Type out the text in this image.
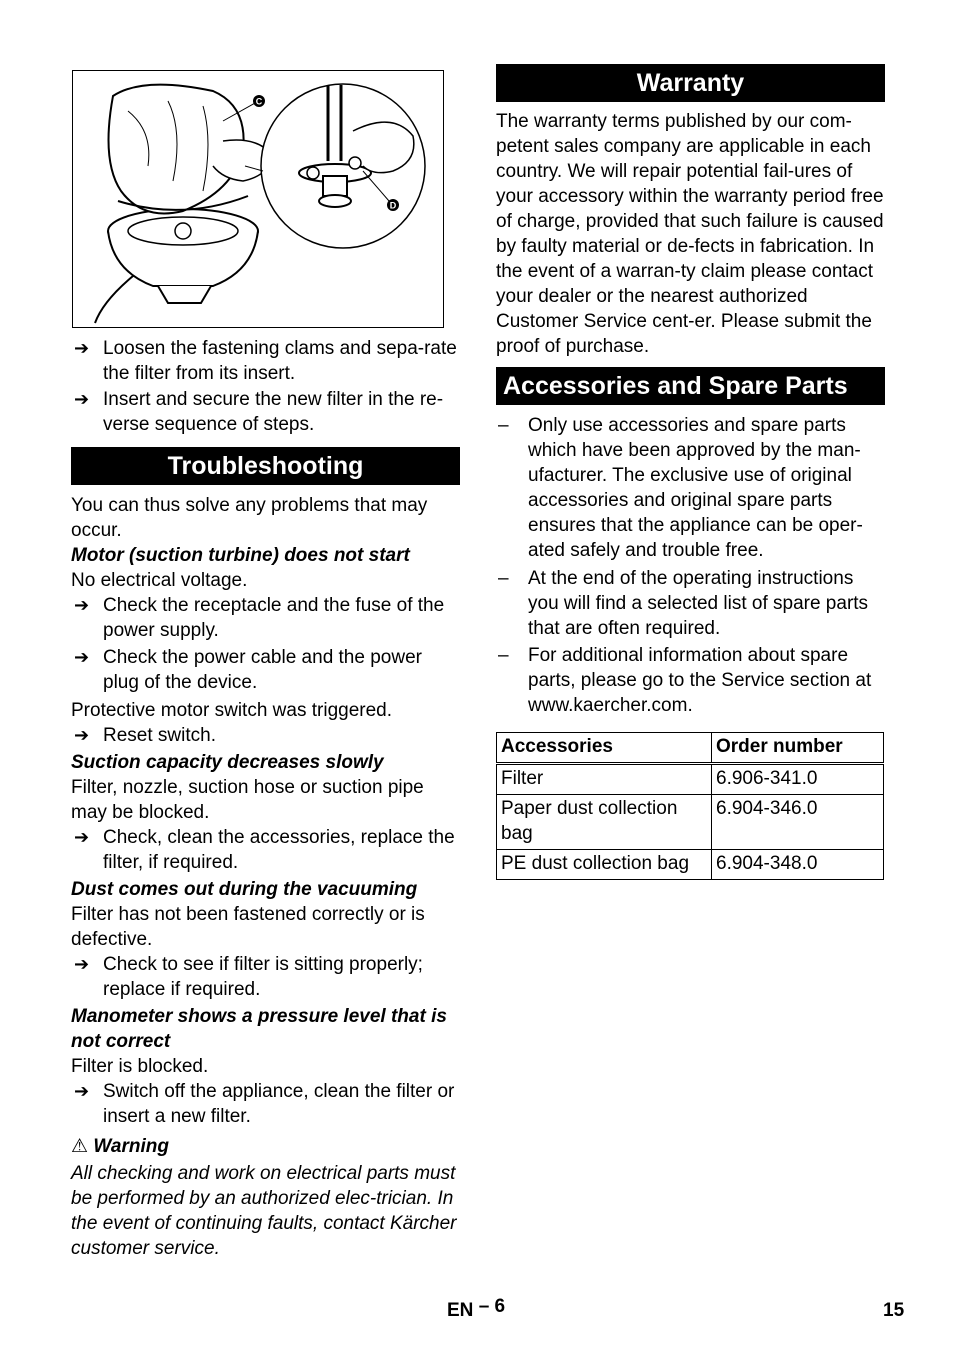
C
D
➔ Loosen the fastening clams and sepa-rate the filter from its insert.
➔ Insert and secure the new filter in the re-verse sequence of steps.
Troubleshooting

You can thus solve any problems that may occur.

Motor (suction turbine) does not start

No electrical voltage.

➔ Check the receptacle and the fuse of the power supply.
➔ Check the power cable and the power plug of the device.

Protective motor switch was triggered.

➔ Reset switch.

Suction capacity decreases slowly

Filter, nozzle, suction hose or suction pipe may be blocked.

➔ Check, clean the accessories, replace the filter, if required.

Dust comes out during the vacuuming

Filter has not been fastened correctly or is defective.

➔ Check to see if filter is sitting properly; replace if required.

Manometer shows a pressure level that is not correct

Filter is blocked.

➔ Switch off the appliance, clean the filter or insert a new filter.

⚠ Warning

All checking and work on electrical parts must be performed by an authorized elec-trician. In the event of continuing faults, contact Kärcher customer service.

Warranty

The warranty terms published by our com-petent sales company are applicable in each country. We will repair potential fail-ures of your accessory within the warranty period free of charge, provided that such failure is caused by faulty material or de-fects in fabrication. In the event of a warran-ty claim please contact your dealer or the nearest authorized Customer Service cent-er. Please submit the proof of purchase.

Accessories and Spare Parts
– Only use accessories and spare parts which have been approved by the man-ufacturer. The exclusive use of original accessories and original spare parts ensures that the appliance can be oper-ated safely and trouble free.
– At the end of the operating instructions you will find a selected list of spare parts that are often required.
– For additional information about spare parts, please go to the Service section at www.kaercher.com.
Accessories	Order number
Filter	6.906-341.0
Paper dust collection bag	6.904-346.0
PE dust collection bag	6.904-348.0
EN – 6	15
